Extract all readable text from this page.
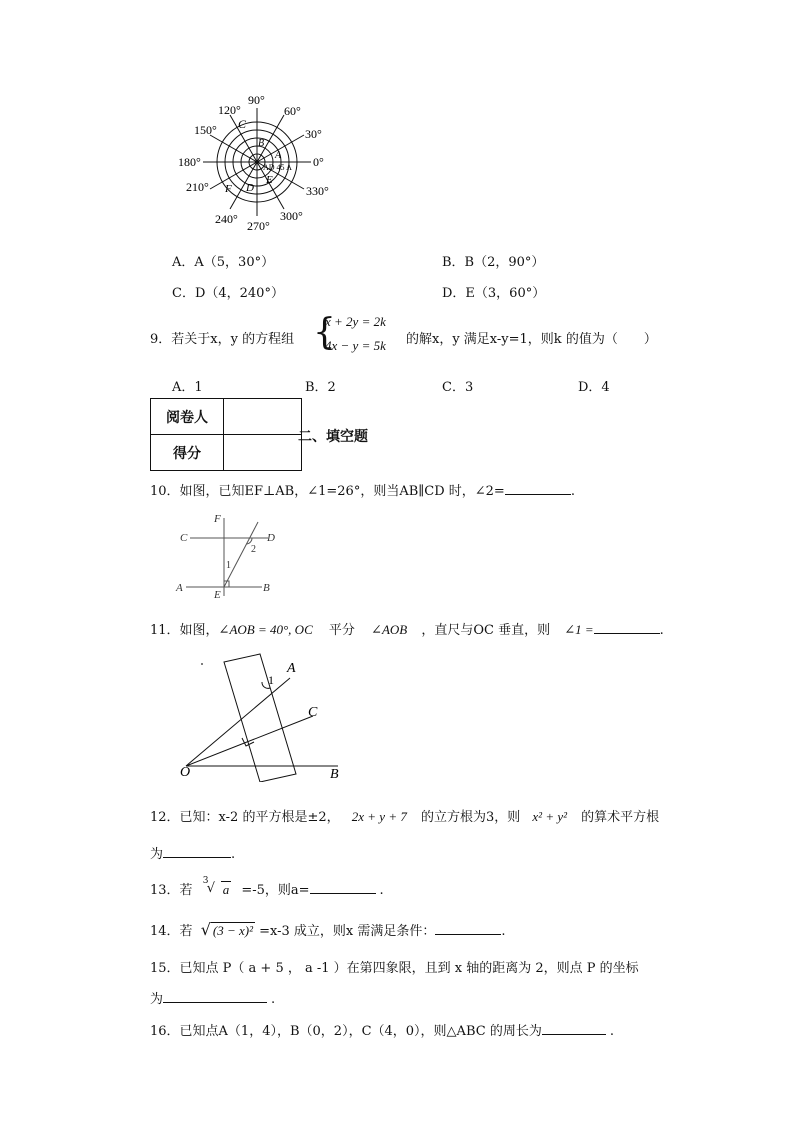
90°
60°
30°
0°
330°
300°
270°
240°
210°
180°
150°
120°
C
B
A
D
E
F
AD 45 A
A．A（5，30°）	B．B（2，90°）
C．D（4，240°）	D．E（3，60°）
9．若关于x，y 的方程组 {
x + 2y = 2k
4x − y = 5k 的解x，y 满足x-y=1，则k 的值为（　　）
A．1	B．2	C．3	D．4
阅卷人	
得分	
二、填空题
10．如图，已知EF⊥AB，∠1=26°，则当AB∥CD 时，∠2=	.
F
C	D
2
1
A	B
E
11．如图，∠AOB = 40°, OC 平分 ∠AOB ，直尺与OC 垂直，则 ∠1 =	.
A
1
C
O	B
12．已知：x-2 的平方根是±2， 2x + y + 7 的立方根为3，则 x² + y² 的算术平方根
为	.
13．若
3
√ a =-5，则a=	.
14．若 √ (3 − x)² =x-3 成立，则x 需满足条件：	.
15．已知点 P（ a + 5 ， a -1 ）在第四象限，且到 x 轴的距离为 2，则点 P 的坐标
为	.
16．已知点A（1，4），B（0，2），C（4，0），则△ABC 的周长为	.
